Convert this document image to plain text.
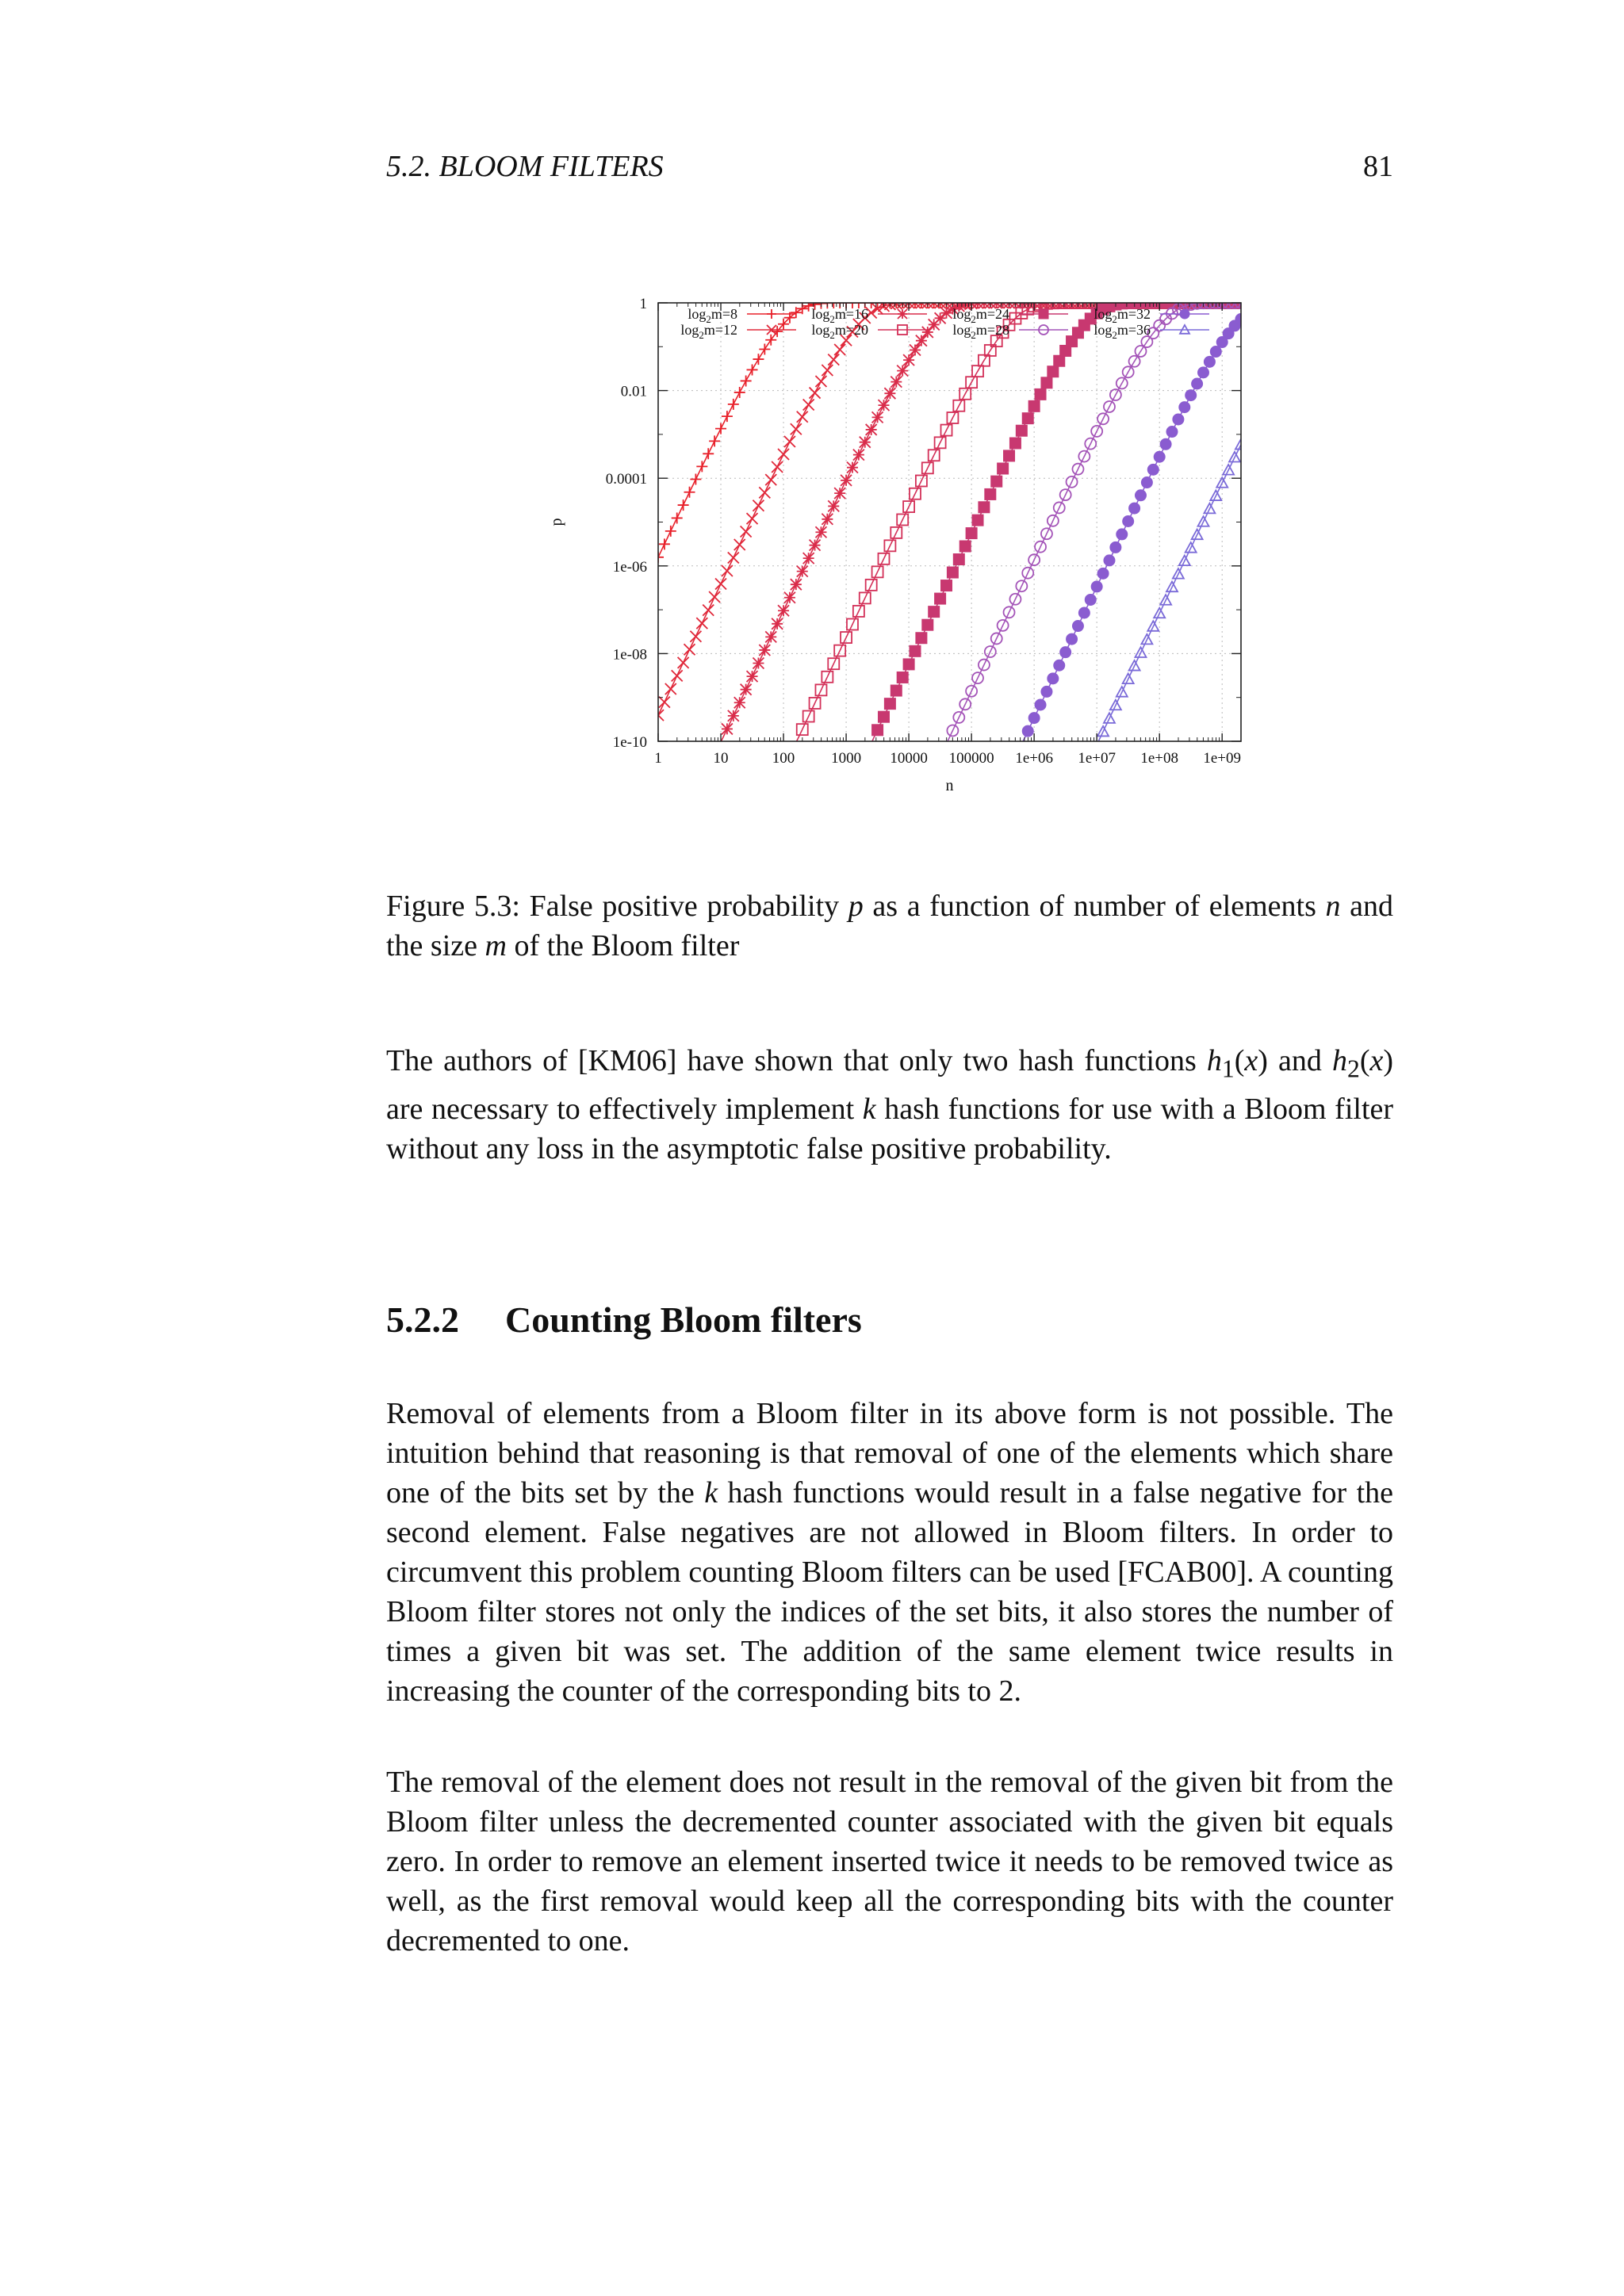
5.2. BLOOM FILTERS	81
1	10	100 1000 10000 100000 1e+06 1e+07 1e+08 1e+09
1
0.01
0.0001
1e-06
1e-08
1e-10
$\log_2m=8$
$\log_2m=12$
$\log_2m=16$
$\log_2m=20$
$\log_2m=24$
$\log_2m=28$
$\log_2m=32$
$\log_2m=36$
n
p
Figure 5.3: False positive probability p as a function of number of elements n and the size m of the Bloom filter

The authors of [KM06] have shown that only two hash functions $h_1(x)$ and $h_2(x)$ are necessary to effectively implement k hash functions for use with a Bloom filter without any loss in the asymptotic false positive probability.

5.2.2 Counting Bloom filters

Removal of elements from a Bloom filter in its above form is not possible. The intuition behind that reasoning is that removal of one of the elements which share one of the bits set by the k hash functions would result in a false negative for the second element. False negatives are not allowed in Bloom filters. In order to circumvent this problem counting Bloom filters can be used [FCAB00]. A counting Bloom filter stores not only the indices of the set bits, it also stores the number of times a given bit was set. The addition of the same element twice results in increasing the counter of the corresponding bits to 2.

The removal of the element does not result in the removal of the given bit from the Bloom filter unless the decremented counter associated with the given bit equals zero. In order to remove an element inserted twice it needs to be removed twice as well, as the first removal would keep all the corresponding bits with the counter decremented to one.
